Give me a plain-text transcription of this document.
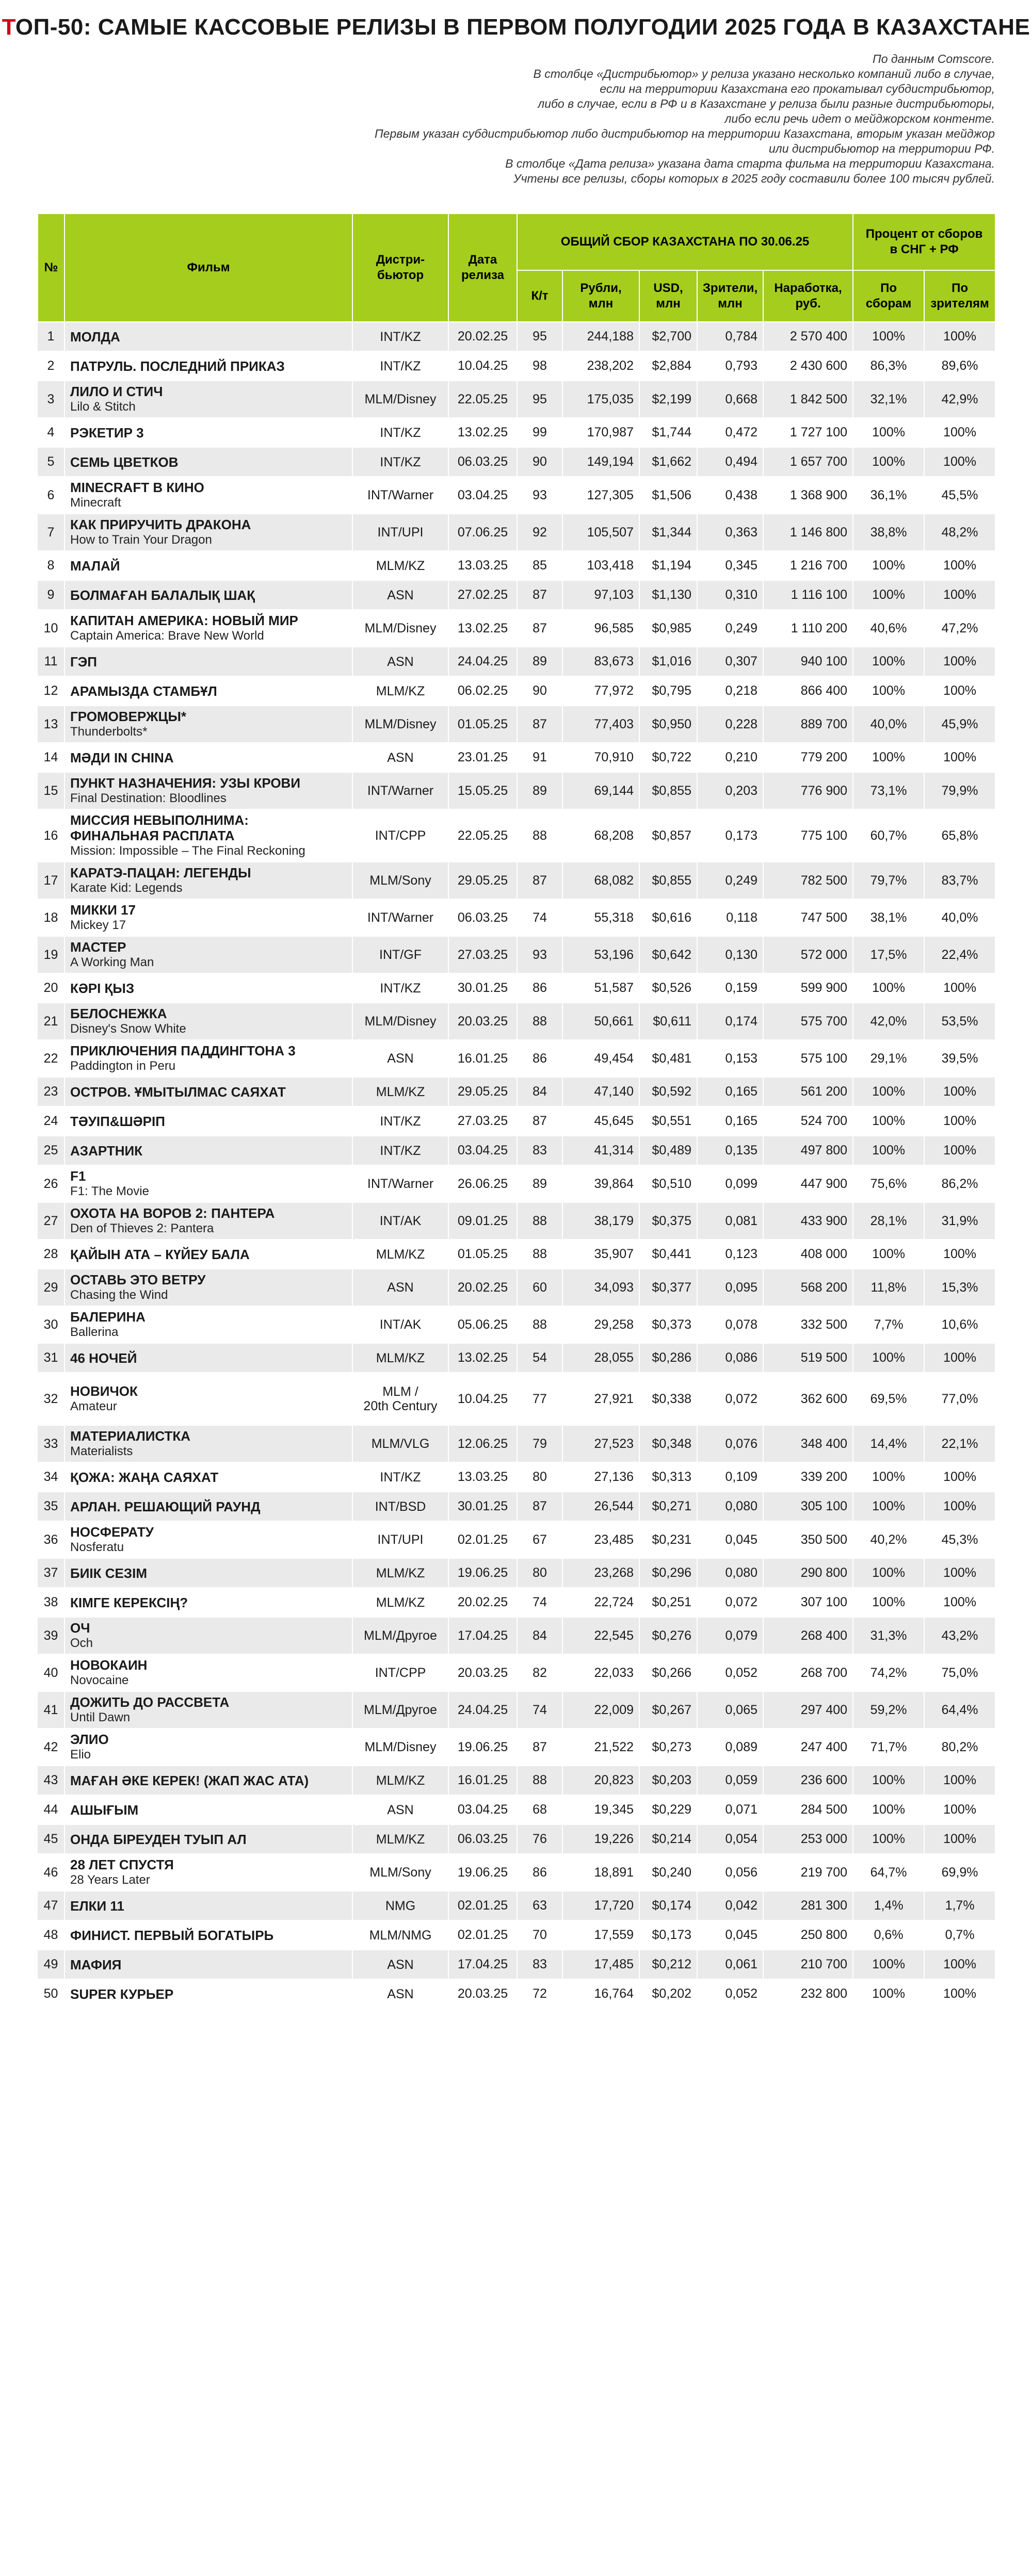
ТОП-50: САМЫЕ КАССОВЫЕ РЕЛИЗЫ В ПЕРВОМ ПОЛУГОДИИ 2025 ГОДА В КАЗАХСТАНЕ
По данным Comscore.
В столбце «Дистрибьютор» у релиза указано несколько компаний либо в случае,
если на территории Казахстана его прокатывал субдистрибьютор,
либо в случае, если в РФ и в Казахстане у релиза были разные дистрибьюторы,
либо если речь идет о мейджорском контенте.
Первым указан субдистрибьютор либо дистрибьютор на территории Казахстана, вторым указан мейджор
или дистрибьютор на территории РФ.
В столбце «Дата релиза» указана дата старта фильма на территории Казахстана.
Учтены все релизы, сборы которых в 2025 году составили более 100 тысяч рублей.
№	Фильм	Дистри-
бьютор	Дата
релиза	ОБЩИЙ СБОР КАЗАХСТАНА ПО 30.06.25					Процент от сборов
в СНГ + РФ	
				К/т	Рубли,
млн	USD,
млн	Зрители,
млн	Наработка,
руб.	По
сборам	По
зрителям
1	МОЛДА	INT/KZ	20.02.25	95	244,188	$2,700	0,784	2 570 400	100%	100%
2	ПАТРУЛЬ. ПОСЛЕДНИЙ ПРИКАЗ	INT/KZ	10.04.25	98	238,202	$2,884	0,793	2 430 600	86,3%	89,6%
3	ЛИЛО И СТИЧ
Lilo & Stitch	MLM/Disney	22.05.25	95	175,035	$2,199	0,668	1 842 500	32,1%	42,9%
4	РЭКЕТИР 3	INT/KZ	13.02.25	99	170,987	$1,744	0,472	1 727 100	100%	100%
5	СЕМЬ ЦВЕТКОВ	INT/KZ	06.03.25	90	149,194	$1,662	0,494	1 657 700	100%	100%
6	MINECRAFT В КИНО
Minecraft	INT/Warner	03.04.25	93	127,305	$1,506	0,438	1 368 900	36,1%	45,5%
7	КАК ПРИРУЧИТЬ ДРАКОНА
How to Train Your Dragon	INT/UPI	07.06.25	92	105,507	$1,344	0,363	1 146 800	38,8%	48,2%
8	МАЛАЙ	MLM/KZ	13.03.25	85	103,418	$1,194	0,345	1 216 700	100%	100%
9	БОЛМАҒАН БАЛАЛЫҚ ШАҚ	ASN	27.02.25	87	97,103	$1,130	0,310	1 116 100	100%	100%
10	КАПИТАН АМЕРИКА: НОВЫЙ МИР
Captain America: Brave New World	MLM/Disney	13.02.25	87	96,585	$0,985	0,249	1 110 200	40,6%	47,2%
11	ГЭП	ASN	24.04.25	89	83,673	$1,016	0,307	940 100	100%	100%
12	АРАМЫЗДА СТАМБҰЛ	MLM/KZ	06.02.25	90	77,972	$0,795	0,218	866 400	100%	100%
13	ГРОМОВЕРЖЦЫ*
Thunderbolts*	MLM/Disney	01.05.25	87	77,403	$0,950	0,228	889 700	40,0%	45,9%
14	МӘДИ IN CHINA	ASN	23.01.25	91	70,910	$0,722	0,210	779 200	100%	100%
15	ПУНКТ НАЗНАЧЕНИЯ: УЗЫ КРОВИ
Final Destination: Bloodlines	INT/Warner	15.05.25	89	69,144	$0,855	0,203	776 900	73,1%	79,9%
16	МИССИЯ НЕВЫПОЛНИМА:
ФИНАЛЬНАЯ РАСПЛАТА
Mission: Impossible – The Final Reckoning	INT/CPP	22.05.25	88	68,208	$0,857	0,173	775 100	60,7%	65,8%
17	КАРАТЭ-ПАЦАН: ЛЕГЕНДЫ
Karate Kid: Legends	MLM/Sony	29.05.25	87	68,082	$0,855	0,249	782 500	79,7%	83,7%
18	МИККИ 17
Mickey 17	INT/Warner	06.03.25	74	55,318	$0,616	0,118	747 500	38,1%	40,0%
19	МАСТЕР
A Working Man	INT/GF	27.03.25	93	53,196	$0,642	0,130	572 000	17,5%	22,4%
20	КӘРІ ҚЫЗ	INT/KZ	30.01.25	86	51,587	$0,526	0,159	599 900	100%	100%
21	БЕЛОСНЕЖКА
Disney's Snow White	MLM/Disney	20.03.25	88	50,661	$0,611	0,174	575 700	42,0%	53,5%
22	ПРИКЛЮЧЕНИЯ ПАДДИНГТОНА 3
Paddington in Peru	ASN	16.01.25	86	49,454	$0,481	0,153	575 100	29,1%	39,5%
23	ОСТРОВ. ҰМЫТЫЛМАС САЯХАТ	MLM/KZ	29.05.25	84	47,140	$0,592	0,165	561 200	100%	100%
24	ТӘУІП&ШӘРІП	INT/KZ	27.03.25	87	45,645	$0,551	0,165	524 700	100%	100%
25	АЗАРТНИК	INT/KZ	03.04.25	83	41,314	$0,489	0,135	497 800	100%	100%
26	F1
F1: The Movie	INT/Warner	26.06.25	89	39,864	$0,510	0,099	447 900	75,6%	86,2%
27	ОХОТА НА ВОРОВ 2: ПАНТЕРА
Den of Thieves 2: Pantera	INT/AK	09.01.25	88	38,179	$0,375	0,081	433 900	28,1%	31,9%
28	ҚАЙЫН АТА – КҮЙЕУ БАЛА	MLM/KZ	01.05.25	88	35,907	$0,441	0,123	408 000	100%	100%
29	ОСТАВЬ ЭТО ВЕТРУ
Chasing the Wind	ASN	20.02.25	60	34,093	$0,377	0,095	568 200	11,8%	15,3%
30	БАЛЕРИНА
Ballerina	INT/AK	05.06.25	88	29,258	$0,373	0,078	332 500	7,7%	10,6%
31	46 НОЧЕЙ	MLM/KZ	13.02.25	54	28,055	$0,286	0,086	519 500	100%	100%
32	НОВИЧОК
Amateur	MLM /
20th Century	10.04.25	77	27,921	$0,338	0,072	362 600	69,5%	77,0%
33	МАТЕРИАЛИСТКА
Materialists	MLM/VLG	12.06.25	79	27,523	$0,348	0,076	348 400	14,4%	22,1%
34	ҚОЖА: ЖАҢА САЯХАТ	INT/KZ	13.03.25	80	27,136	$0,313	0,109	339 200	100%	100%
35	АРЛАН. РЕШАЮЩИЙ РАУНД	INT/BSD	30.01.25	87	26,544	$0,271	0,080	305 100	100%	100%
36	НОСФЕРАТУ
Nosferatu	INT/UPI	02.01.25	67	23,485	$0,231	0,045	350 500	40,2%	45,3%
37	БИІК СЕЗІМ	MLM/KZ	19.06.25	80	23,268	$0,296	0,080	290 800	100%	100%
38	КІМГЕ КЕРЕКСІҢ?	MLM/KZ	20.02.25	74	22,724	$0,251	0,072	307 100	100%	100%
39	ОЧ
Och	MLM/Другое	17.04.25	84	22,545	$0,276	0,079	268 400	31,3%	43,2%
40	НОВОКАИН
Novocaine	INT/CPP	20.03.25	82	22,033	$0,266	0,052	268 700	74,2%	75,0%
41	ДОЖИТЬ ДО РАССВЕТА
Until Dawn	MLM/Другое	24.04.25	74	22,009	$0,267	0,065	297 400	59,2%	64,4%
42	ЭЛИО
Elio	MLM/Disney	19.06.25	87	21,522	$0,273	0,089	247 400	71,7%	80,2%
43	МАҒАН ӘКЕ КЕРЕК! (ЖАП ЖАС АТА)	MLM/KZ	16.01.25	88	20,823	$0,203	0,059	236 600	100%	100%
44	АШЫҒЫМ	ASN	03.04.25	68	19,345	$0,229	0,071	284 500	100%	100%
45	ОНДА БІРЕУДЕН ТУЫП АЛ	MLM/KZ	06.03.25	76	19,226	$0,214	0,054	253 000	100%	100%
46	28 ЛЕТ СПУСТЯ
28 Years Later	MLM/Sony	19.06.25	86	18,891	$0,240	0,056	219 700	64,7%	69,9%
47	ЕЛКИ 11	NMG	02.01.25	63	17,720	$0,174	0,042	281 300	1,4%	1,7%
48	ФИНИСТ. ПЕРВЫЙ БОГАТЫРЬ	MLM/NMG	02.01.25	70	17,559	$0,173	0,045	250 800	0,6%	0,7%
49	МАФИЯ	ASN	17.04.25	83	17,485	$0,212	0,061	210 700	100%	100%
50	SUPER КУРЬЕР	ASN	20.03.25	72	16,764	$0,202	0,052	232 800	100%	100%
